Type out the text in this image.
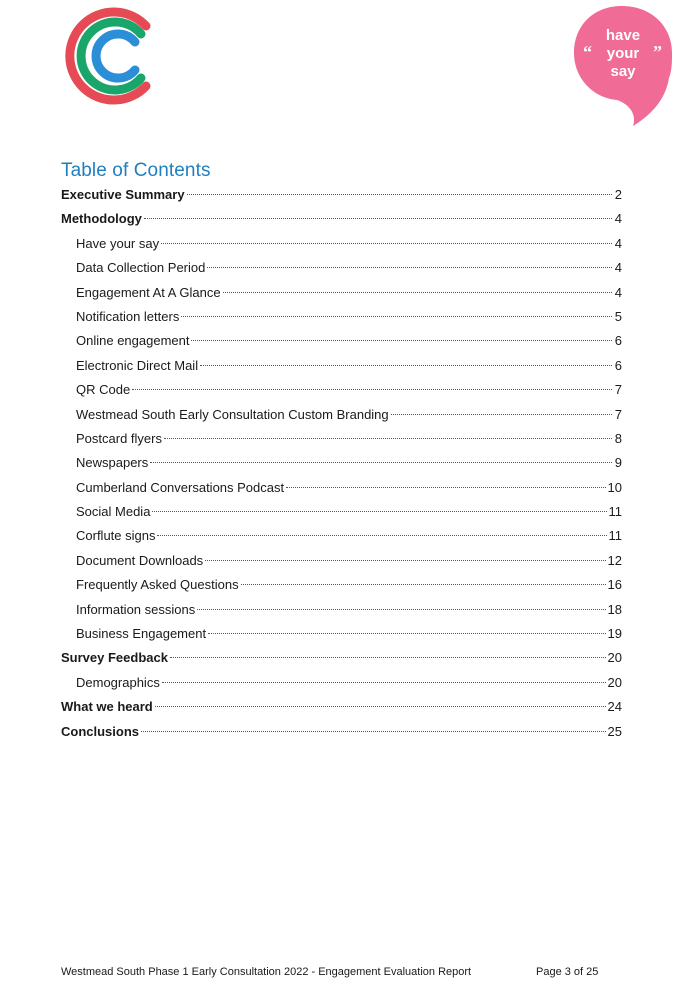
have
your
say
“	”
Table of Contents
Executive Summary	2
Methodology	4
Have your say	4
Data Collection Period	4
Engagement At A Glance	4
Notification letters	5
Online engagement	6
Electronic Direct Mail	6
QR Code	7
Westmead South Early Consultation Custom Branding	7
Postcard flyers	8
Newspapers	9
Cumberland Conversations Podcast	10
Social Media	11
Corflute signs	11
Document Downloads	12
Frequently Asked Questions	16
Information sessions	18
Business Engagement	19
Survey Feedback	20
Demographics	20
What we heard	24
Conclusions	25
Westmead South Phase 1 Early Consultation 2022 - Engagement Evaluation Report	Page 3 of 25
